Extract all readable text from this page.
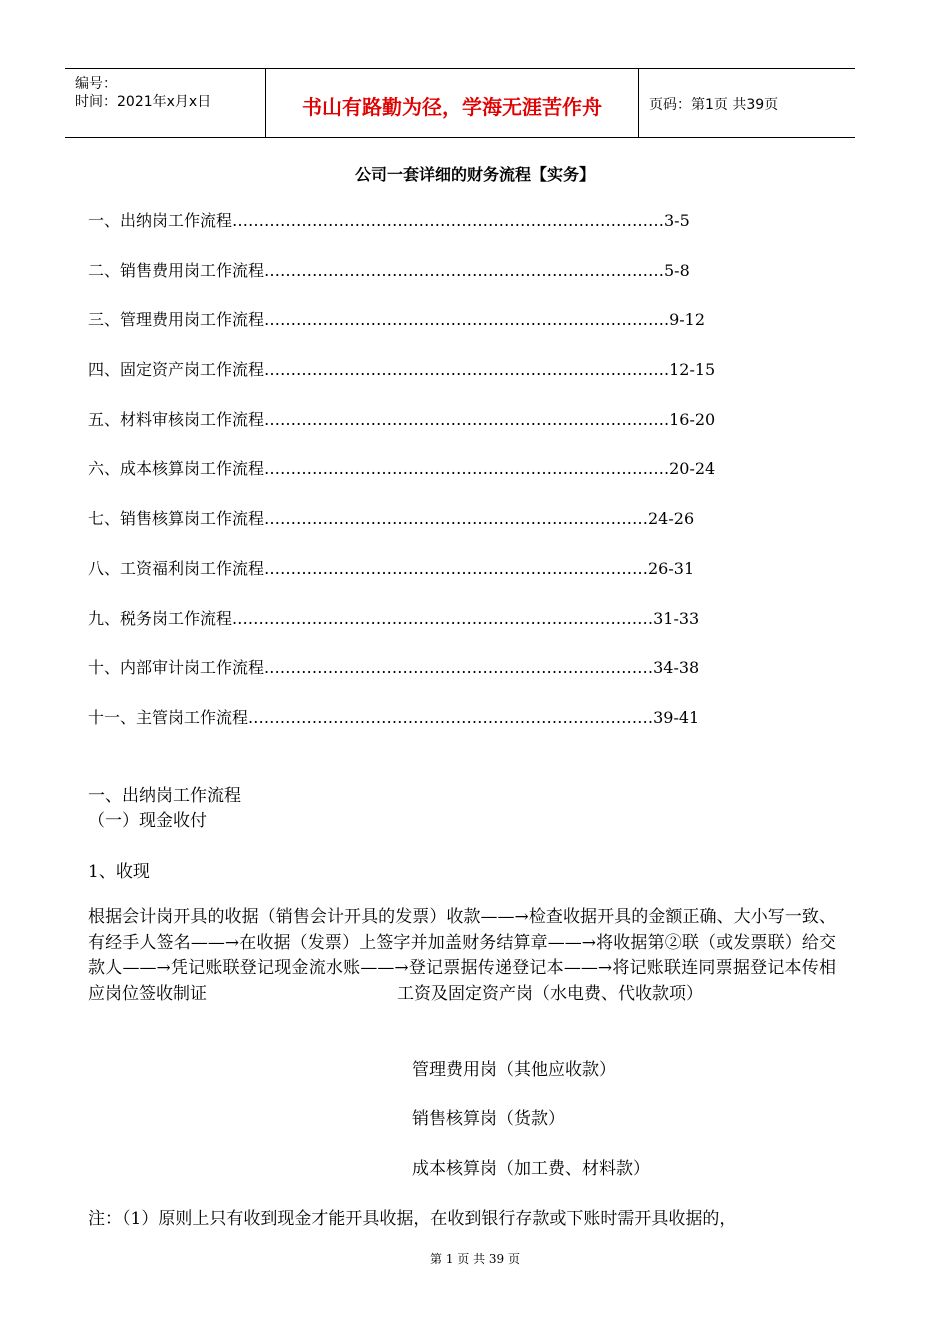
编号：
时间：2021年x月x日	书山有路勤为径，学海无涯苦作舟	页码：第1页 共39页
公司一套详细的财务流程【实务】
一、出纳岗工作流程………………………………………………………………………3-5
二、销售费用岗工作流程…………………………………………………………………5-8
三、管理费用岗工作流程………………………………………………………………….9-12
四、固定资产岗工作流程………………………………………………………………….12-15
五、材料审核岗工作流程………………………………………………………………….16-20
六、成本核算岗工作流程………………………………………………………………….20-24
七、销售核算岗工作流程………………………………………………………………24-26
八、工资福利岗工作流程………………………………………………………………26-31
九、税务岗工作流程.……………………………………………………………………31-33
十、内部审计岗工作流程.………………………………………………………………34-38
十一、主管岗工作流程.…………………………………………………………………39-41
一、出纳岗工作流程
（一）现金收付
1、收现
根据会计岗开具的收据（销售会计开具的发票）收款——→检查收据开具的金额正确、大小写一致、有经手人签名——→在收据（发票）上签字并加盖财务结算章——→将收据第②联（或发票联）给交款人——→凭记账联登记现金流水账——→登记票据传递登记本——→将记账联连同票据登记本传相应岗位签收制证	工资及固定资产岗（水电费、代收款项）
管理费用岗（其他应收款）
销售核算岗（货款）
成本核算岗（加工费、材料款）
注：（1）原则上只有收到现金才能开具收据，在收到银行存款或下账时需开具收据的，
第 1 页 共 39 页
